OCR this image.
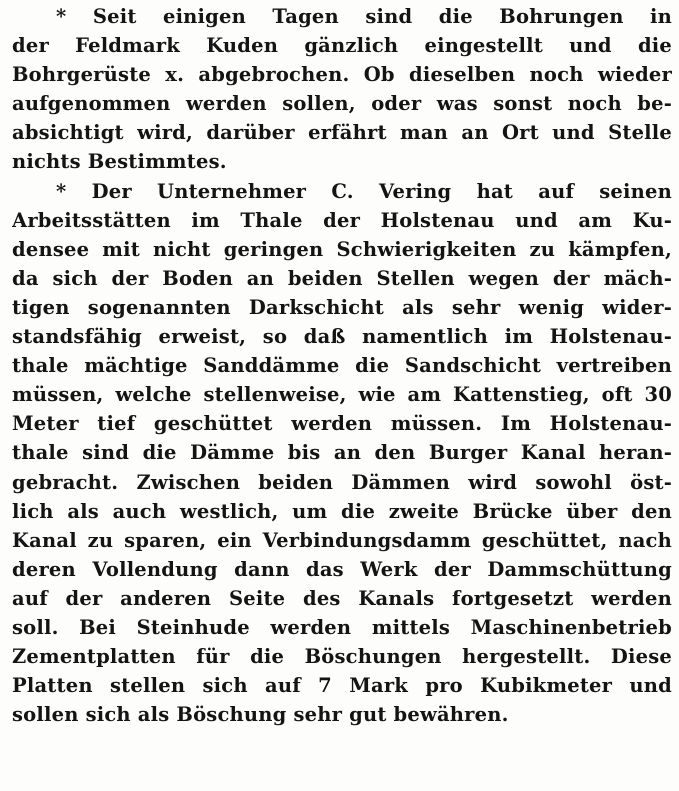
* Seit einigen Tagen sind die Bohrungen in
der Feldmark Kuden gänzlich eingestellt und die
Bohrgerüste x. abgebrochen. Ob dieselben noch wieder
aufgenommen werden sollen, oder was sonst noch be-
absichtigt wird, darüber erfährt man an Ort und Stelle
nichts Bestimmtes.
* Der Unternehmer C. Vering hat auf seinen
Arbeitsstätten im Thale der Holstenau und am Ku-
densee mit nicht geringen Schwierigkeiten zu kämpfen,
da sich der Boden an beiden Stellen wegen der mäch-
tigen sogenannten Darkschicht als sehr wenig wider-
standsfähig erweist, so daß namentlich im Holstenau-
thale mächtige Sanddämme die Sandschicht vertreiben
müssen, welche stellenweise, wie am Kattenstieg, oft 30
Meter tief geschüttet werden müssen. Im Holstenau-
thale sind die Dämme bis an den Burger Kanal heran-
gebracht. Zwischen beiden Dämmen wird sowohl öst-
lich als auch westlich, um die zweite Brücke über den
Kanal zu sparen, ein Verbindungsdamm geschüttet, nach
deren Vollendung dann das Werk der Dammschüttung
auf der anderen Seite des Kanals fortgesetzt werden
soll. Bei Steinhude werden mittels Maschinenbetrieb
Zementplatten für die Böschungen hergestellt. Diese
Platten stellen sich auf 7 Mark pro Kubikmeter und
sollen sich als Böschung sehr gut bewähren.
